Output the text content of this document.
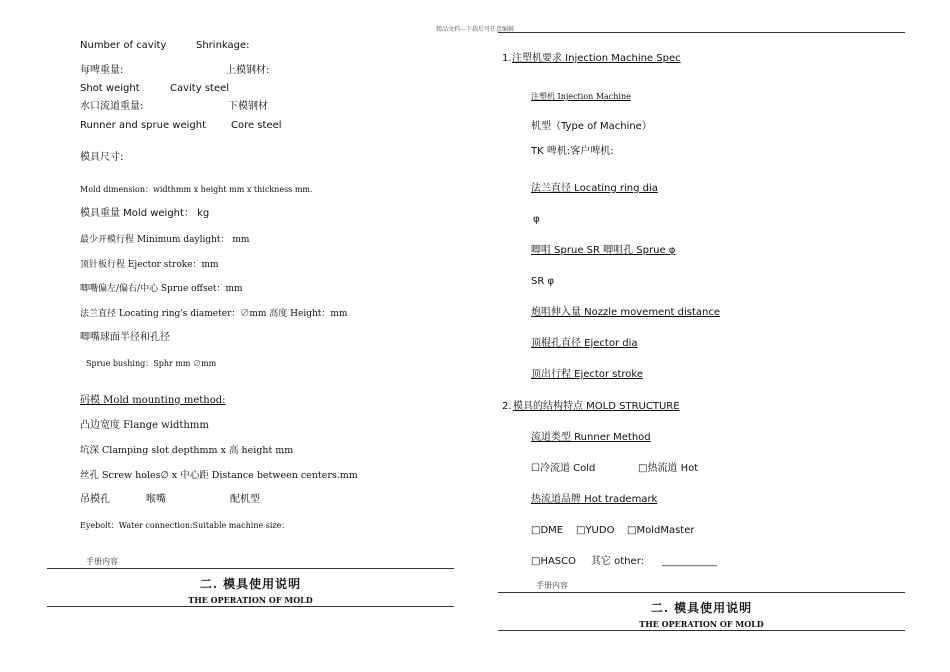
精品文档---下载后可任意编辑
Number of cavity	Shrinkage:
每啤重量:	上模钢材:
Shot weight	Cavity steel
水口流道重量:	下模钢材
Runner and sprue weight Core steel
模具尺寸:
Mold dimension：widthmm x height mm x thickness mm.
模具重量 Mold weight： kg
最少开模行程 Minimum daylight： mm
顶针板行程 Ejector stroke：mm
唧嘴偏左/偏右/中心 Sprue offset：mm
法兰直径 Locating ring's diameter：∅mm 高度 Height：mm
唧嘴球面半径和孔径
Sprue bushing：Sphr mm ∅mm
码模 Mold mounting method:
凸边宽度 Flange widthmm
坑深 Clamping slot depthmm x 高 height mm
丝孔 Screw holes∅ x 中心距 Distance between centers.mm
吊模孔	喉嘴	配机型
Eyebolt：Water connection:Suitable machine size：
手册内容
二. 模具使用说明
THE OPERATION OF MOLD
1. 注塑机要求 Injection Machine Spec
注塑机 Injection Machine
机型（Type of Machine）
TK 啤机:客户啤机:
法兰直径 Locating ring dia
φ
唧咀 Sprue SR 唧咀孔 Sprue φ
SR φ
炮咀伸入量 Nozzle movement distance
顶棍孔直径 Ejector dia
顶出行程 Ejector stroke
2. 模具的结构特点 MOLD STRUCTURE
流道类型 Runner Method
☐冷流道 Cold	□热流道 Hot
热流道品牌 Hot trademark
□DME □YUDO □MoldMaster
□HASCO 其它 other: ___________
手册内容
二. 模具使用说明
THE OPERATION OF MOLD
